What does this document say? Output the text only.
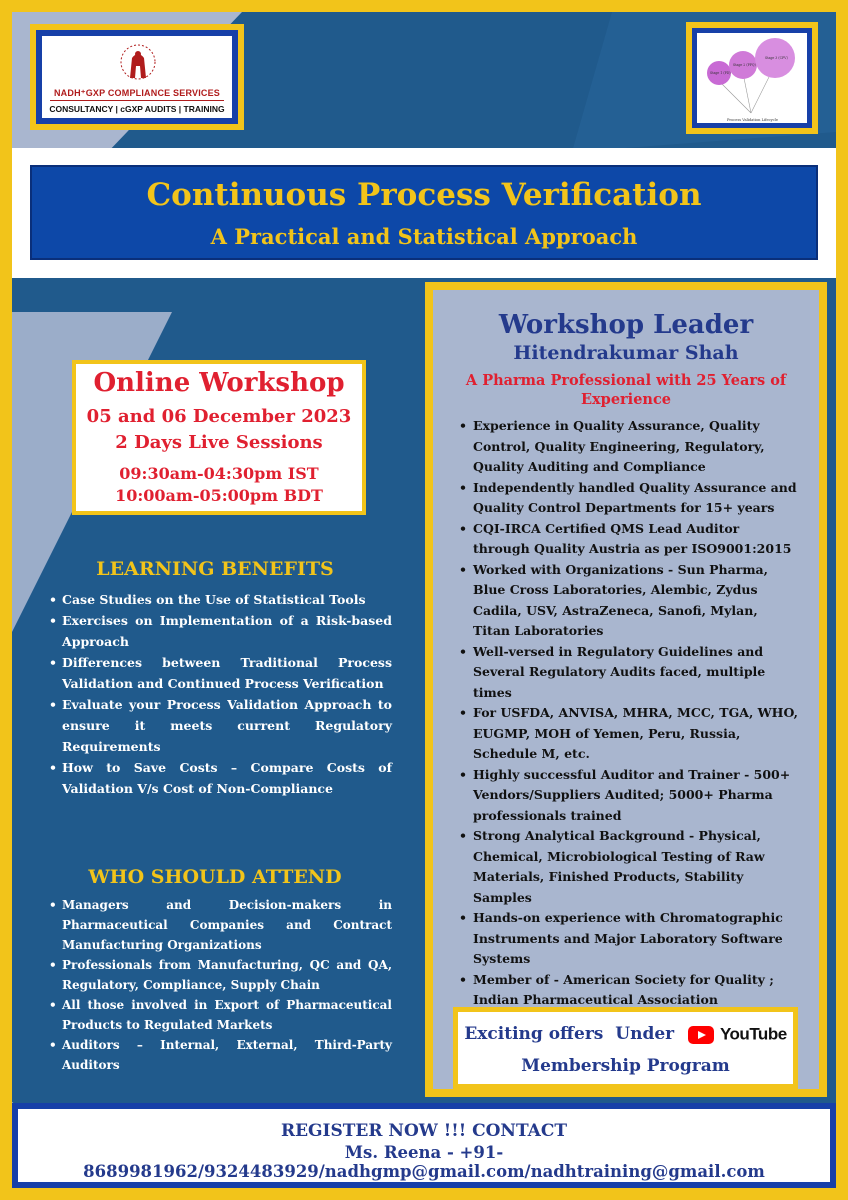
NADH⁺GXP COMPLIANCE SERVICES
CONSULTANCY | cGXP AUDITS | TRAINING
Stage 1 (PD)
Stage 2 (PPQ)
Stage 3 (CPV)
Process Validation Lifecycle
Continuous Process Verification
A Practical and Statistical Approach
Online Workshop
05 and 06 December 2023
2 Days Live Sessions
09:30am-04:30pm IST
10:00am-05:00pm BDT
LEARNING BENEFITS
• Case Studies on the Use of Statistical Tools
• Exercises on Implementation of a Risk-based Approach
• Differences between Traditional Process Validation and Continued Process Verification
• Evaluate your Process Validation Approach to ensure it meets current Regulatory Requirements
• How to Save Costs – Compare Costs of Validation V/s Cost of Non-Compliance
WHO SHOULD ATTEND
• Managers and Decision-makers in Pharmaceutical Companies and Contract Manufacturing Organizations
• Professionals from Manufacturing, QC and QA, Regulatory, Compliance, Supply Chain
• All those involved in Export of Pharmaceutical Products to Regulated Markets
• Auditors – Internal, External, Third-Party Auditors
Workshop Leader
Hitendrakumar Shah
A Pharma Professional with 25 Years of Experience
• Experience in Quality Assurance, Quality Control, Quality Engineering, Regulatory, Quality Auditing and Compliance
• Independently handled Quality Assurance and Quality Control Departments for 15+ years
• CQI-IRCA Certified QMS Lead Auditor through Quality Austria as per ISO9001:2015
• Worked with Organizations - Sun Pharma, Blue Cross Laboratories, Alembic, Zydus Cadila, USV, AstraZeneca, Sanofi, Mylan, Titan Laboratories
• Well-versed in Regulatory Guidelines and Several Regulatory Audits faced, multiple times
• For USFDA, ANVISA, MHRA, MCC, TGA, WHO, EUGMP, MOH of Yemen, Peru, Russia, Schedule M, etc.
• Highly successful Auditor and Trainer - 500+ Vendors/Suppliers Audited; 5000+ Pharma professionals trained
• Strong Analytical Background - Physical, Chemical, Microbiological Testing of Raw Materials, Finished Products, Stability Samples
• Hands-on experience with Chromatographic Instruments and Major Laboratory Software Systems
• Member of - American Society for Quality ; Indian Pharmaceutical Association
Exciting offers Under	YouTube
Membership Program
REGISTER NOW !!! CONTACT
Ms. Reena - +91-8689981962/9324483929/nadhgmp@gmail.com/nadhtraining@gmail.com
